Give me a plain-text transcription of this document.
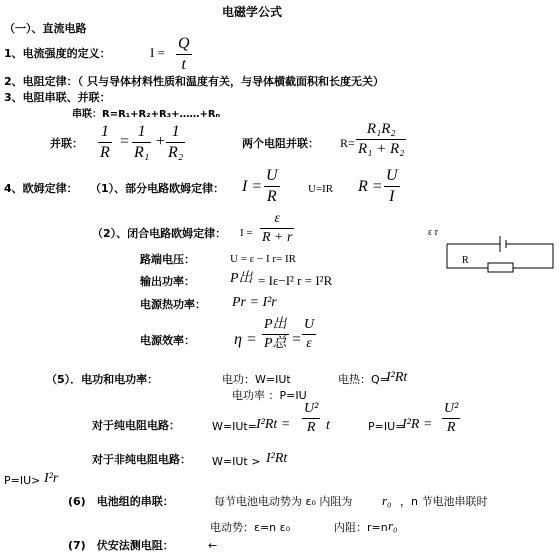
电磁学公式
（一）、直流电路
1、电流强度的定义：	I =
Q
t
2、电阻定律：（ 只与导体材料性质和温度有关，与导体横截面积和长度无关）
3、电阻串联、并联：
串联：R=R₁+R₂+R₃+……+Rₙ
并联：
1
R
=
1
R₁
+
1
R₂
两个电阻并联： R=
R₁R₂
R₁ + R₂
4、欧姆定律： （1）、部分电路欧姆定律： I =
U
R	U=IR R =
U
I
（2）、闭合电路欧姆定律： I =
ε
R + r
路端电压：	U = ε − I r= IR
输出功率：	P出 = Iε−I² r = I²R
电源热功率： Pr = I²r
电源效率： η =
P出
P总 =
U
ε
ε r
R
（5）．电功和电功率：	电功：W=IUt	电热：Q=
I²Rt
电功率 ：P=IU
对于纯电阻电路：	W=IUt= I²Rt =
U²
R t	P=IU=
I²R =
U²
R
对于非纯电阻电路： W=IUt > I²Rt
P=IU> I²r
(6)　电池组的串联：	每节电池电动势为 ε₀ 内阻为 r₀ ，n 节电池串联时
电动势：ε=n ε₀	内阻：r=n r₀
(7)　伏安法测电阻：	←
